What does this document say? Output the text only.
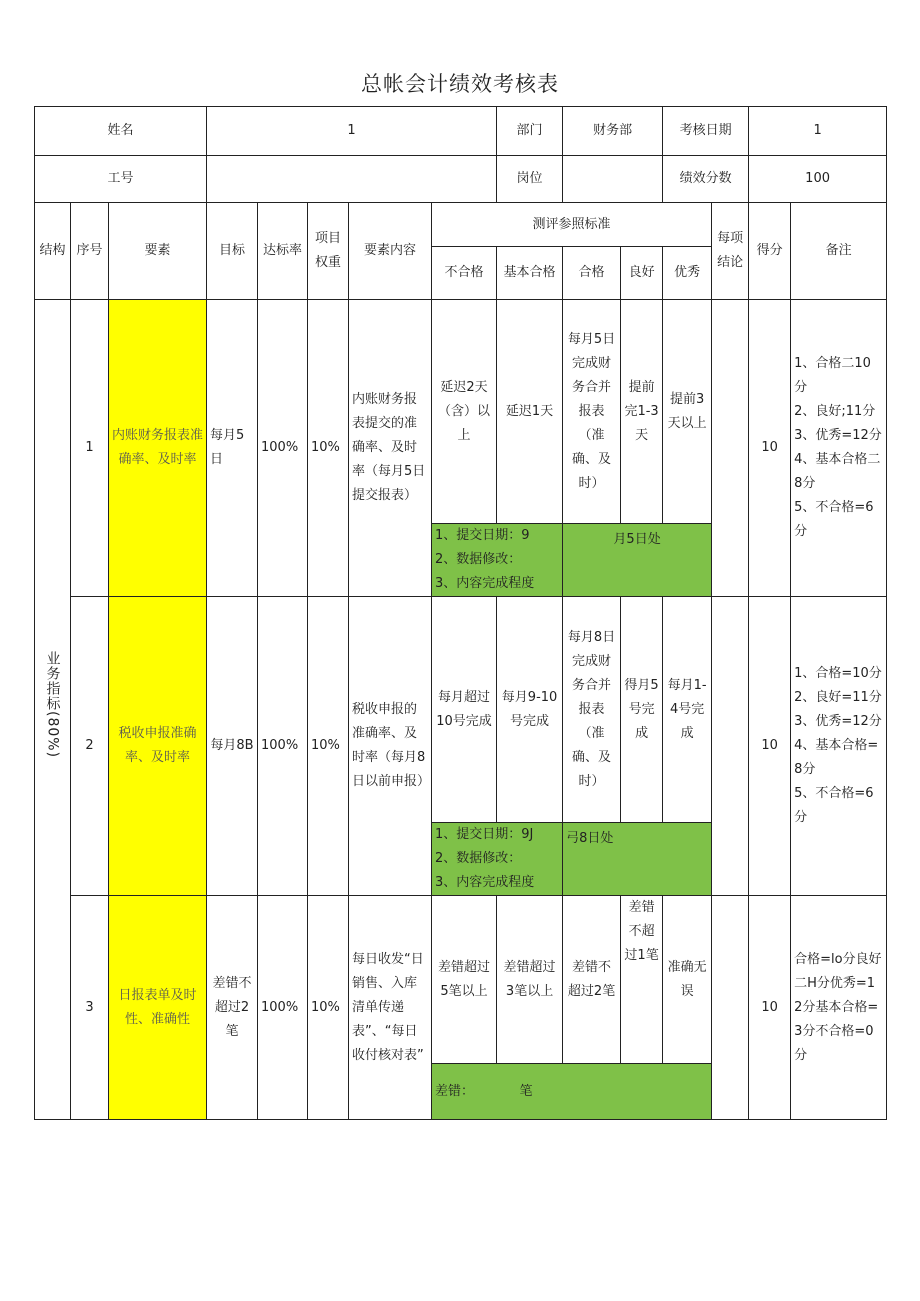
总帐会计绩效考核表
姓名			1					部门	财务部		考核日期		1	
工号								岗位			绩效分数		100	
结构	序号	要素	目标	达标率	项目权重	要素内容	测评参照标准					每项结论	得分	备注
							不合格	基本合格	合格	良好	优秀			
业务指标(80%)	1	内账财务报表准确率、及时率	每月5日	100%	10%	内账财务报表提交的准确率、及时率（每月5日提交报表）	延迟2天（含）以上	延迟1天	每月5日完成财务合并报表（准确、及时）	提前完1-3天	提前3天以上		10	1、合格二10分
2、良好;11分
3、优秀=12分
4、基本合格二8分
5、不合格=6分

							1、提交日期：9
2、数据修改：
3、内容完成程度		月5日处					
	2	税收申报准确率、及时率	每月8B	100%	10%	税收申报的准确率、及时率（每月8日以前申报）	每月超过10号完成	每月9-10号完成	每月8日完成财务合并报表（准确、及时）	得月5号完成	每月1-4号完成		10	1、合格=10分
2、良好=11分
3、优秀=12分
4、基本合格=8分
5、不合格=6分

							1、提交日期：9J
2、数据修改：
3、内容完成程度		弓8日处					
	3	日报表单及时性、准确性	差错不超过2笔	100%	10%	每日收发“日销售、入库清单传递表”、“每日收付核对表”	差错超过5笔以上	差错超过3笔以上	差错不超过2笔	差错不超过1笔	准确无误		10	合格=lo分良好二H分优秀=12分基本合格=3分不合格=0分
							差错：　　　　笔							
